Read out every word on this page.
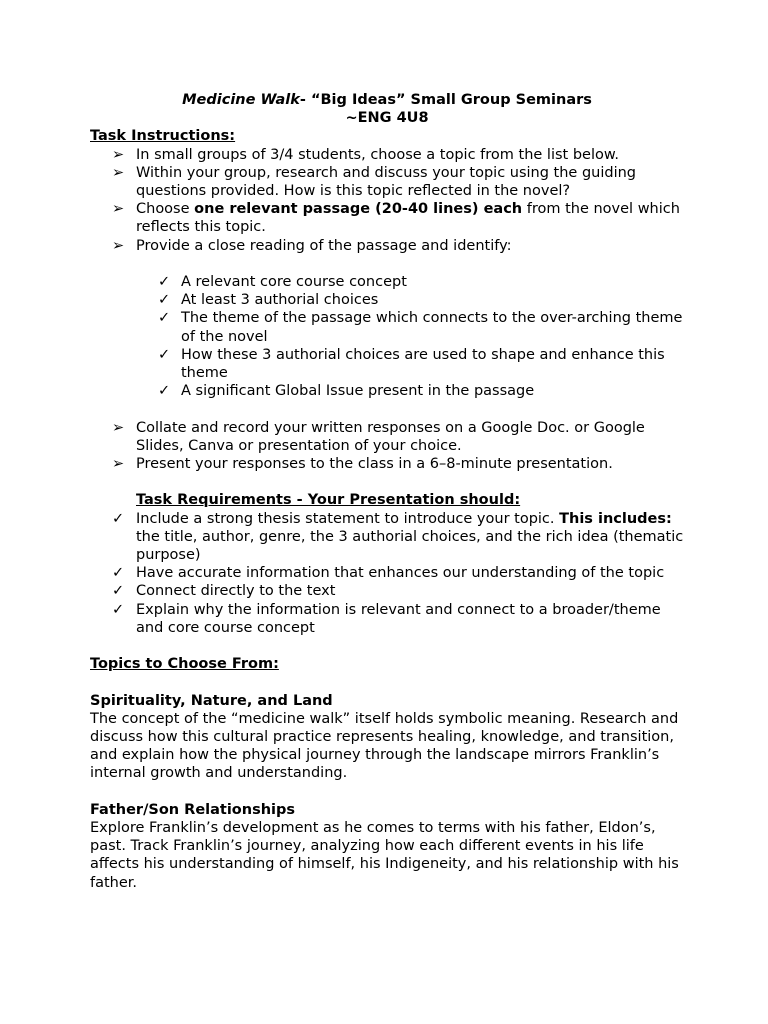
Medicine Walk- “Big Ideas” Small Group Seminars
~ENG 4U8
Task Instructions:
➢ In small groups of 3/4 students, choose a topic from the list below.
➢ Within your group, research and discuss your topic using the guiding questions provided. How is this topic reflected in the novel?
➢ Choose one relevant passage (20-40 lines) each from the novel which reflects this topic.
➢ Provide a close reading of the passage and identify:
✓ A relevant core course concept
✓ At least 3 authorial choices
✓ The theme of the passage which connects to the over-arching theme of the novel
✓ How these 3 authorial choices are used to shape and enhance this theme
✓ A significant Global Issue present in the passage
➢ Collate and record your written responses on a Google Doc. or Google Slides, Canva or presentation of your choice.
➢ Present your responses to the class in a 6–8-minute presentation.
Task Requirements - Your Presentation should:
✓ Include a strong thesis statement to introduce your topic. This includes:
the title, author, genre, the 3 authorial choices, and the rich idea (thematic purpose)
✓ Have accurate information that enhances our understanding of the topic
✓ Connect directly to the text
✓ Explain why the information is relevant and connect to a broader/theme and core course concept
Topics to Choose From:
Spirituality, Nature, and Land

The concept of the “medicine walk” itself holds symbolic meaning. Research and discuss how this cultural practice represents healing, knowledge, and transition, and explain how the physical journey through the landscape mirrors Franklin’s internal growth and understanding.

Father/Son Relationships

Explore Franklin’s development as he comes to terms with his father, Eldon’s, past. Track Franklin’s journey, analyzing how each different events in his life affects his understanding of himself, his Indigeneity, and his relationship with his father.
